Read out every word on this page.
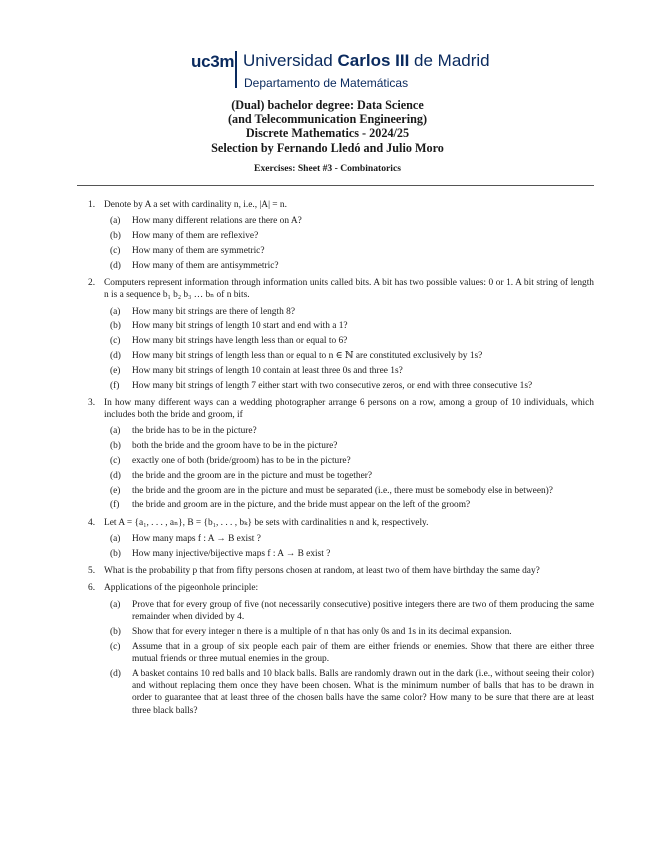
uc3m Universidad Carlos III de Madrid
Departamento de Matemáticas
(Dual) bachelor degree: Data Science
(and Telecommunication Engineering)
Discrete Mathematics - 2024/25
Selection by Fernando Lledó and Julio Moro
Exercises: Sheet #3 - Combinatorics
1. Denote by A a set with cardinality n, i.e., |A| = n.
(a) How many different relations are there on A?
(b) How many of them are reflexive?
(c) How many of them are symmetric?
(d) How many of them are antisymmetric?
2. Computers represent information through information units called bits. A bit has two possible values: 0 or 1. A bit string of length n is a sequence b₁ b₂ b₃ … bₙ of n bits.
(a) How many bit strings are there of length 8?
(b) How many bit strings of length 10 start and end with a 1?
(c) How many bit strings have length less than or equal to 6?
(d) How many bit strings of length less than or equal to n ∈ ℕ are constituted exclusively by 1s?
(e) How many bit strings of length 10 contain at least three 0s and three 1s?
(f) How many bit strings of length 7 either start with two consecutive zeros, or end with three consecutive 1s?
3. In how many different ways can a wedding photographer arrange 6 persons on a row, among a group of 10 individuals, which includes both the bride and groom, if
(a) the bride has to be in the picture?
(b) both the bride and the groom have to be in the picture?
(c) exactly one of both (bride/groom) has to be in the picture?
(d) the bride and the groom are in the picture and must be together?
(e) the bride and the groom are in the picture and must be separated (i.e., there must be somebody else in between)?
(f) the bride and groom are in the picture, and the bride must appear on the left of the groom?
4. Let A = {a₁, . . . , aₙ}, B = {b₁, . . . , bₖ} be sets with cardinalities n and k, respectively.
(a) How many maps f : A → B exist ?
(b) How many injective/bijective maps f : A → B exist ?
5. What is the probability p that from fifty persons chosen at random, at least two of them have birthday the same day?
6. Applications of the pigeonhole principle:
(a) Prove that for every group of five (not necessarily consecutive) positive integers there are two of them producing the same remainder when divided by 4.
(b) Show that for every integer n there is a multiple of n that has only 0s and 1s in its decimal expansion.
(c) Assume that in a group of six people each pair of them are either friends or enemies. Show that there are either three mutual friends or three mutual enemies in the group.
(d) A basket contains 10 red balls and 10 black balls. Balls are randomly drawn out in the dark (i.e., without seeing their color) and without replacing them once they have been chosen. What is the minimum number of balls that has to be drawn in order to guarantee that at least three of the chosen balls have the same color? How many to be sure that there are at least three black balls?
